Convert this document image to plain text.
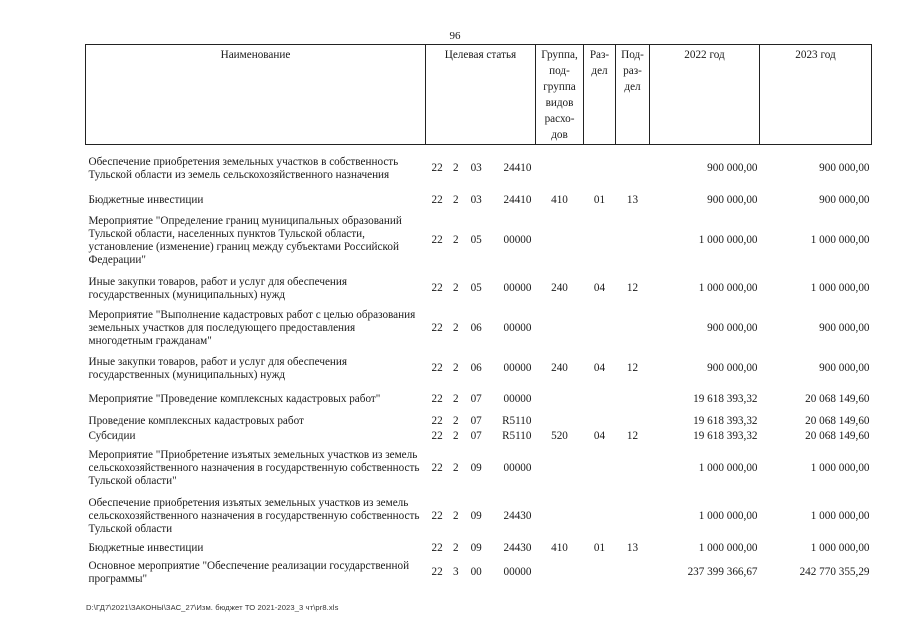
96
Наименование	Целевая статья	Группа, под- группа видов расхо- дов	Раз- дел	Под- раз- дел	2022 год	2023 год
Обеспечение приобретения земельных участков в собственность Тульской области из земель сельскохозяйственного назначения	22 2 03 24410				900 000,00	900 000,00
Бюджетные инвестиции	22 2 03 24410	410	01	13	900 000,00	900 000,00
Мероприятие "Определение границ муниципальных образований Тульской области, населенных пунктов Тульской области, установление (изменение) границ между субъектами Российской Федерации"	22 2 05 00000				1 000 000,00	1 000 000,00
Иные закупки товаров, работ и услуг для обеспечения государственных (муниципальных) нужд	22 2 05 00000	240	04	12	1 000 000,00	1 000 000,00
Мероприятие "Выполнение кадастровых работ с целью образования земельных участков для последующего предоставления многодетным гражданам"	22 2 06 00000				900 000,00	900 000,00
Иные закупки товаров, работ и услуг для обеспечения государственных (муниципальных) нужд	22 2 06 00000	240	04	12	900 000,00	900 000,00
Мероприятие "Проведение комплексных кадастровых работ"	22 2 07 00000				19 618 393,32	20 068 149,60
Проведение комплексных кадастровых работ	22 2 07 R5110				19 618 393,32	20 068 149,60
Субсидии	22 2 07 R5110	520	04	12	19 618 393,32	20 068 149,60
Мероприятие "Приобретение изъятых земельных участков из земель сельскохозяйственного назначения в государственную собственность Тульской области"	22 2 09 00000				1 000 000,00	1 000 000,00
Обеспечение приобретения изъятых земельных участков из земель сельскохозяйственного назначения в государственную собственность Тульской области	22 2 09 24430				1 000 000,00	1 000 000,00
Бюджетные инвестиции	22 2 09 24430	410	01	13	1 000 000,00	1 000 000,00
Основное мероприятие "Обеспечение реализации государственной программы"	22 3 00 00000				237 399 366,67	242 770 355,29
D:\ГД7\2021\ЗАКОНЫ\ЗАС_27\Изм. бюджет ТО 2021-2023_3 чт\pr8.xls
